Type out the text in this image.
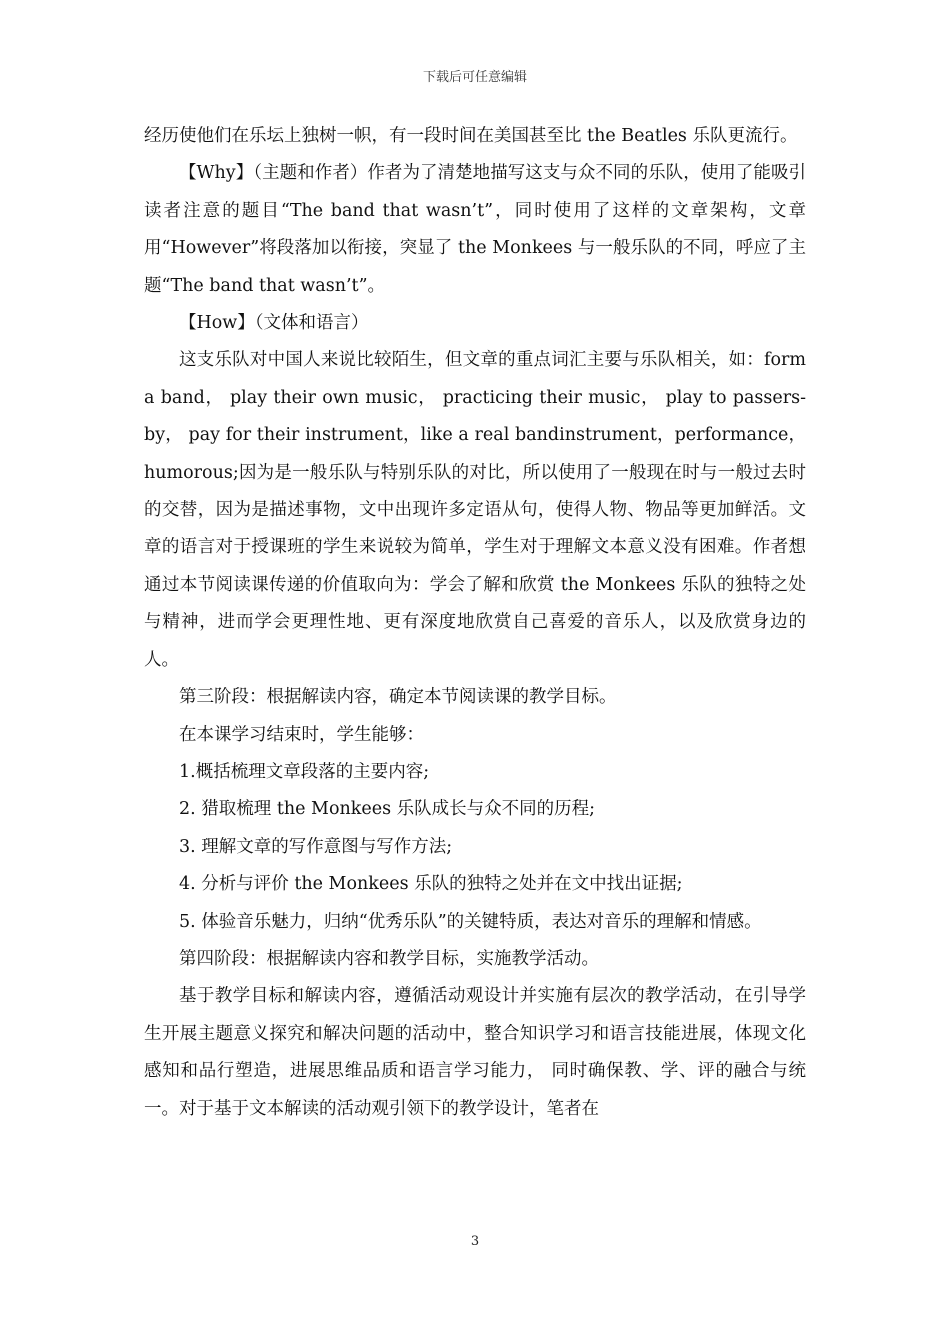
下载后可任意编辑

经历使他们在乐坛上独树一帜，有一段时间在美国甚至比 the Beatles 乐队更流行。

【Why】（主题和作者）作者为了清楚地描写这支与众不同的乐队，使用了能吸引读者注意的题目“The band that wasn’t”，同时使用了这样的文章架构，文章用“However”将段落加以衔接，突显了 the Monkees 与一般乐队的不同，呼应了主题“The band that wasn’t”。

【How】（文体和语言）

这支乐队对中国人来说比较陌生，但文章的重点词汇主要与乐队相关，如：form a band， play their own music， practicing their music， play to passers-by， pay for their instrument，like a real bandinstrument，performance， humorous;因为是一般乐队与特别乐队的对比，所以使用了一般现在时与一般过去时的交替，因为是描述事物，文中出现许多定语从句，使得人物、物品等更加鲜活。文章的语言对于授课班的学生来说较为简单，学生对于理解文本意义没有困难。作者想通过本节阅读课传递的价值取向为：学会了解和欣赏 the Monkees 乐队的独特之处与精神，进而学会更理性地、更有深度地欣赏自己喜爱的音乐人，以及欣赏身边的人。

第三阶段：根据解读内容，确定本节阅读课的教学目标。

在本课学习结束时，学生能够：

1.概括梳理文章段落的主要内容;

2. 猎取梳理 the Monkees 乐队成长与众不同的历程;

3. 理解文章的写作意图与写作方法;

4. 分析与评价 the Monkees 乐队的独特之处并在文中找出证据;

5. 体验音乐魅力，归纳“优秀乐队”的关键特质，表达对音乐的理解和情感。

第四阶段：根据解读内容和教学目标，实施教学活动。

基于教学目标和解读内容，遵循活动观设计并实施有层次的教学活动，在引导学生开展主题意义探究和解决问题的活动中，整合知识学习和语言技能进展，体现文化感知和品行塑造，进展思维品质和语言学习能力， 同时确保教、学、评的融合与统一。对于基于文本解读的活动观引领下的教学设计，笔者在

3
